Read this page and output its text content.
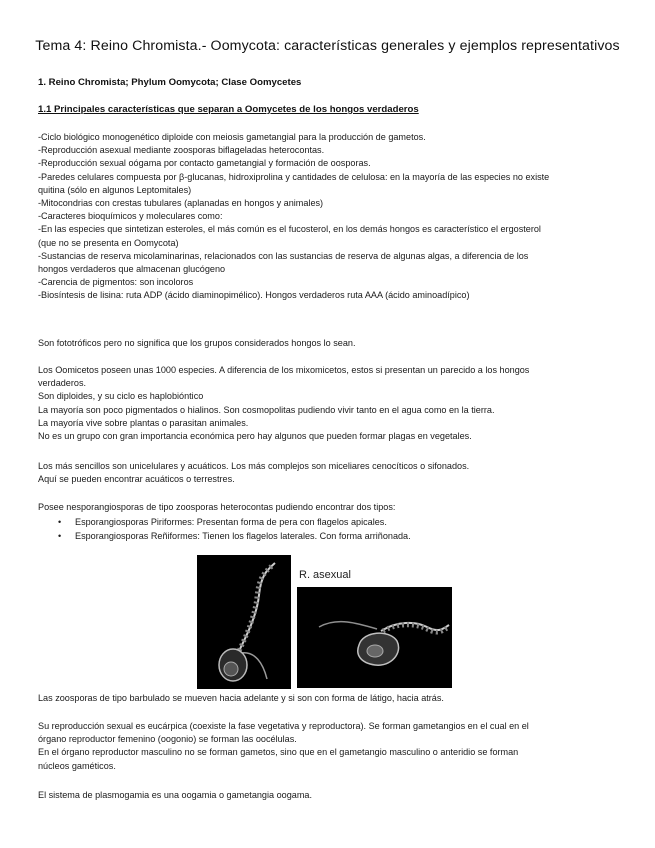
Tema 4: Reino Chromista.- Oomycota: características generales y ejemplos representativos
1. Reino Chromista; Phylum Oomycota; Clase Oomycetes
1.1 Principales características que separan a Oomycetes de los hongos verdaderos
-Ciclo biológico monogenético diploide con meiosis gametangial para la producción de gametos.
-Reproducción asexual mediante zoosporas biflageladas heterocontas.
-Reproducción sexual oógama por contacto gametangial y formación de oosporas.
-Paredes celulares compuesta por β-glucanas, hidroxiprolina y cantidades de celulosa: en la mayoría de las especies no existe
quitina (sólo en algunos Leptomitales)
-Mitocondrias con crestas tubulares (aplanadas en hongos y animales)
-Caracteres bioquímicos y moleculares como:
-En las especies que sintetizan esteroles, el más común es el fucosterol, en los demás hongos es característico el ergosterol
(que no se presenta en Oomycota)
-Sustancias de reserva micolaminarinas, relacionados con las sustancias de reserva de algunas algas, a diferencia de los
hongos verdaderos que almacenan glucógeno
-Carencia de pigmentos: son incoloros
-Biosíntesis de lisina: ruta ADP (ácido diaminopimélico). Hongos verdaderos ruta AAA (ácido aminoadípico)
Son fototróficos pero no significa que los grupos considerados hongos lo sean.
Los Oomicetos poseen unas 1000 especies. A diferencia de los mixomicetos, estos si presentan un parecido a los hongos
verdaderos.
Son diploides, y su ciclo es haplobióntico
La mayoría son poco pigmentados o hialinos. Son cosmopolitas pudiendo vivir tanto en el agua como en la tierra.
La mayoría vive sobre plantas o parasitan animales.
No es un grupo con gran importancia económica pero hay algunos que pueden formar plagas en vegetales.
Los más sencillos son unicelulares y acuáticos. Los más complejos son miceliares cenocíticos o sifonados.
Aquí se pueden encontrar acuáticos o terrestres.
Posee nesporangiosporas de tipo zoosporas heterocontas pudiendo encontrar dos tipos:
• Esporangiosporas Piriformes: Presentan forma de pera con flagelos apicales.
• Esporangiosporas Reñiformes: Tienen los flagelos laterales. Con forma arriñonada.
R. asexual
Las zoosporas de tipo barbulado se mueven hacia adelante y si son con forma de látigo, hacia atrás.
Su reproducción sexual es eucárpica (coexiste la fase vegetativa y reproductora). Se forman gametangios en el cual en el
órgano reproductor femenino (oogonio) se forman las oocélulas.
En el órgano reproductor masculino no se forman gametos, sino que en el gametangio masculino o anteridio se forman
núcleos gaméticos.
El sistema de plasmogamia es una oogamia o gametangia oogama.
